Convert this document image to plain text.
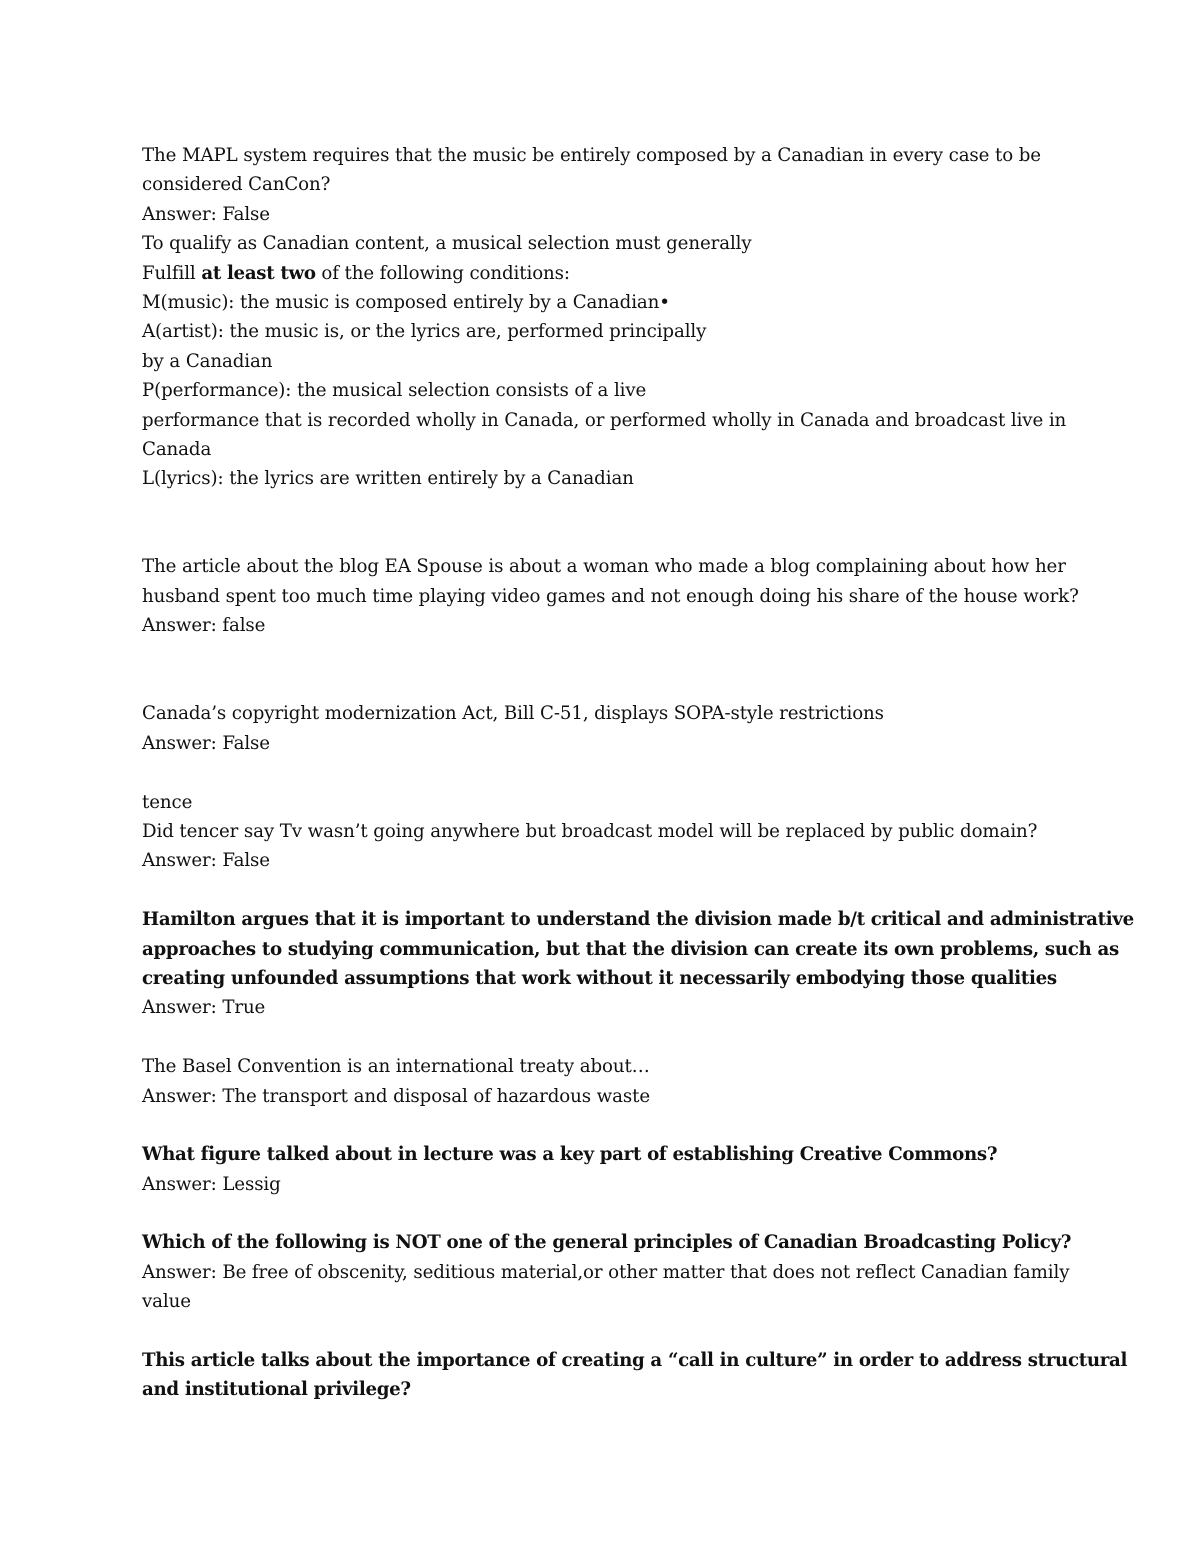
The MAPL system requires that the music be entirely composed by a Canadian in every case to be
considered CanCon?
Answer: False
To qualify as Canadian content, a musical selection must generally
Fulfill at least two of the following conditions:
M(music): the music is composed entirely by a Canadian•
A(artist): the music is, or the lyrics are, performed principally
by a Canadian
P(performance): the musical selection consists of a live
performance that is recorded wholly in Canada, or performed wholly in Canada and broadcast live in
Canada
L(lyrics): the lyrics are written entirely by a Canadian
The article about the blog EA Spouse is about a woman who made a blog complaining about how her
husband spent too much time playing video games and not enough doing his share of the house work?
Answer: false
Canada’s copyright modernization Act, Bill C-51, displays SOPA-style restrictions
Answer: False
tence
Did tencer say Tv wasn’t going anywhere but broadcast model will be replaced by public domain?
Answer: False
Hamilton argues that it is important to understand the division made b/t critical and administrative
approaches to studying communication, but that the division can create its own problems, such as
creating unfounded assumptions that work without it necessarily embodying those qualities
Answer: True
The Basel Convention is an international treaty about…
Answer: The transport and disposal of hazardous waste
What figure talked about in lecture was a key part of establishing Creative Commons?
Answer: Lessig
Which of the following is NOT one of the general principles of Canadian Broadcasting Policy?
Answer: Be free of obscenity, seditious material,or other matter that does not reflect Canadian family
value
This article talks about the importance of creating a “call in culture” in order to address structural
and institutional privilege?
